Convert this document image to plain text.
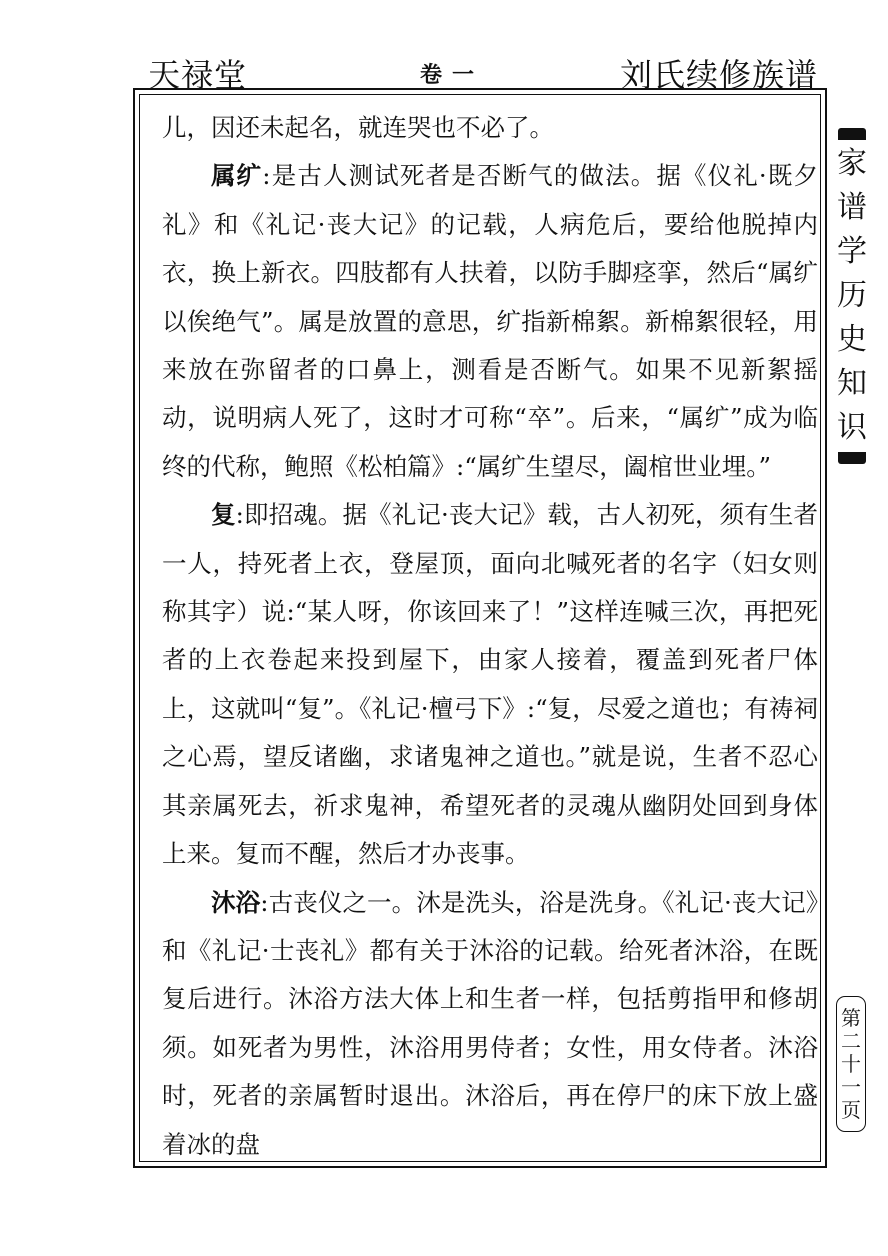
天禄堂	卷一	刘氏续修族谱

儿，因还未起名，就连哭也不必了。

属纩:是古人测试死者是否断气的做法。据《仪礼·既夕礼》和《礼记·丧大记》的记载，人病危后，要给他脱掉内衣，换上新衣。四肢都有人扶着，以防手脚痉挛，然后“属纩以俟绝气”。属是放置的意思，纩指新棉絮。新棉絮很轻，用来放在弥留者的口鼻上，测看是否断气。如果不见新絮摇动，说明病人死了，这时才可称“卒”。后来，“属纩”成为临终的代称，鲍照《松柏篇》:“属纩生望尽，阖棺世业埋。”

复:即招魂。据《礼记·丧大记》载，古人初死，须有生者一人，持死者上衣，登屋顶，面向北喊死者的名字（妇女则称其字）说:“某人呀，你该回来了！”这样连喊三次，再把死者的上衣卷起来投到屋下，由家人接着，覆盖到死者尸体上，这就叫“复”。《礼记·檀弓下》:“复，尽爱之道也；有祷祠之心焉，望反诸幽，求诸鬼神之道也。”就是说，生者不忍心其亲属死去，祈求鬼神，希望死者的灵魂从幽阴处回到身体上来。复而不醒，然后才办丧事。

沐浴:古丧仪之一。沐是洗头，浴是洗身。《礼记·丧大记》和《礼记·士丧礼》都有关于沐浴的记载。给死者沐浴，在既复后进行。沐浴方法大体上和生者一样，包括剪指甲和修胡须。如死者为男性，沐浴用男侍者；女性，用女侍者。沐浴时，死者的亲属暂时退出。沐浴后，再在停尸的床下放上盛着冰的盘

家谱学历史知识
第二十一页
